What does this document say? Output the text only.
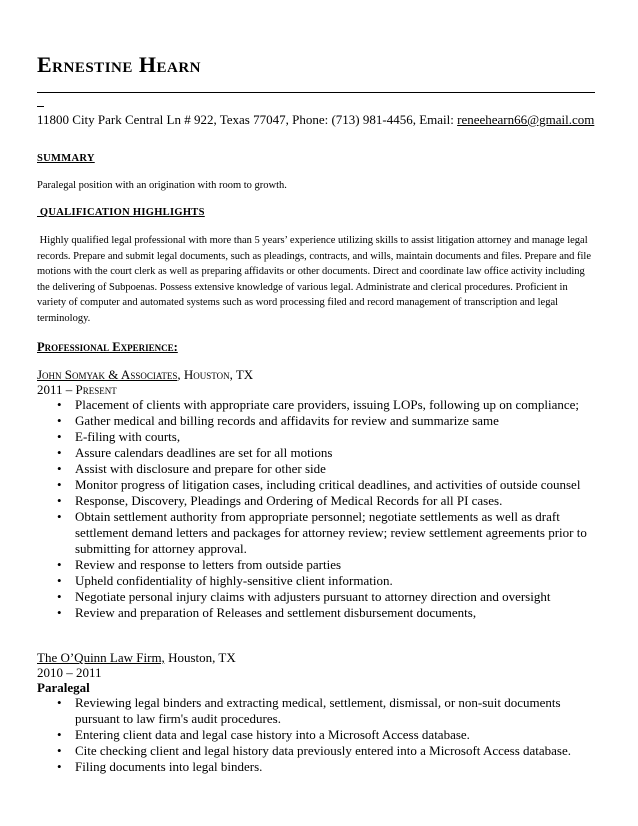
Ernestine Hearn
11800 City Park Central Ln # 922, Texas 77047, Phone: (713) 981-4456, Email: reneehearn66@gmail.com
SUMMARY
Paralegal position with an origination with room to growth.
QUALIFICATION HIGHLIGHTS
Highly qualified legal professional with more than 5 years’ experience utilizing skills to assist litigation attorney and manage legal records. Prepare and submit legal documents, such as pleadings, contracts, and wills, maintain documents and files. Prepare and file motions with the court clerk as well as preparing affidavits or other documents. Direct and coordinate law office activity including the delivering of Subpoenas. Possess extensive knowledge of various legal. Administrate and clerical procedures. Proficient in variety of computer and automated systems such as word processing filed and record management of transcription and legal terminology.
Professional Experience:
John Somyak & Associates, Houston, TX
2011 – Present
• Placement of clients with appropriate care providers, issuing LOPs, following up on compliance;
• Gather medical and billing records and affidavits for review and summarize same
• E-filing with courts,
• Assure calendars deadlines are set for all motions
• Assist with disclosure and prepare for other side
• Monitor progress of litigation cases, including critical deadlines, and activities of outside counsel
• Response, Discovery, Pleadings and Ordering of Medical Records for all PI cases.
• Obtain settlement authority from appropriate personnel; negotiate settlements as well as draft settlement demand letters and packages for attorney review; review settlement agreements prior to submitting for attorney approval.
• Review and response to letters from outside parties
• Upheld confidentiality of highly-sensitive client information.
• Negotiate personal injury claims with adjusters pursuant to attorney direction and oversight
• Review and preparation of Releases and settlement disbursement documents,
The O’Quinn Law Firm, Houston, TX
2010 – 2011
Paralegal
• Reviewing legal binders and extracting medical, settlement, dismissal, or non-suit documents pursuant to law firm's audit procedures.
• Entering client data and legal case history into a Microsoft Access database.
• Cite checking client and legal history data previously entered into a Microsoft Access database.
• Filing documents into legal binders.
